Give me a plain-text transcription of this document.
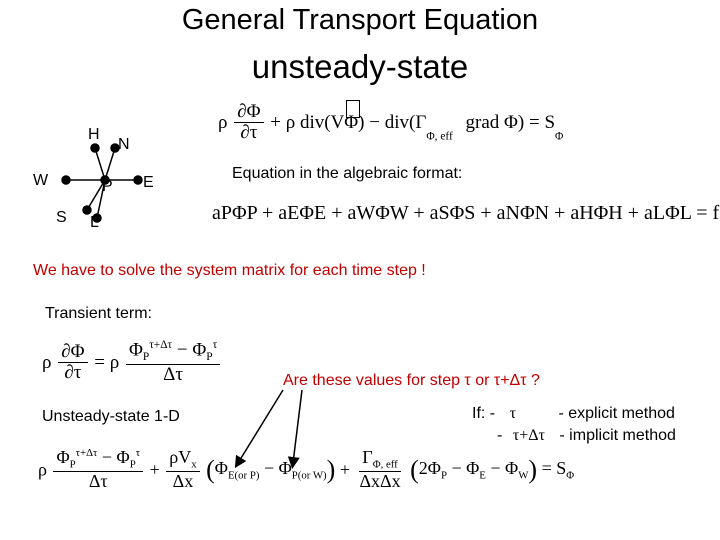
General Transport Equation
unsteady-state
H
N
W	P E
S L
ρ $\frac{\partial\Phi}{\partial\tau} + \rho$ $div(V\Phi) - div(\Gamma_{\Phi, eff}$ grad $\Phi) = S_\Phi$
Equation in the algebraic format:
aPΦP + aEΦE + aWΦW + aSΦS + aNΦN + aHΦH + aLΦL = f
We have to solve the system matrix for each time step !
Transient term:
ρ $\frac{\partial\Phi}{\partial\tau} = \rho \frac{\Phi_P^{\tau+\Delta\tau} - \Phi_P^\tau}{\Delta\tau}$	Are these values for step τ or τ+Δτ ?
Unsteady-state 1-D	If: - τ	- explicit method
- τ+Δτ - implicit method
ρ $\frac{\Phi_P^{\tau+\Delta\tau} - \Phi_P^\tau}{\Delta\tau} + \frac{\rho V_x}{\Delta x} (\Phi_{E(or P)} - \Phi_{P(or W)}) + \frac{\Gamma_{\Phi, eff}}{\text{ΔxΔx}} (2\Phi_P - \Phi_E - \Phi_W) = S_\Phi$
